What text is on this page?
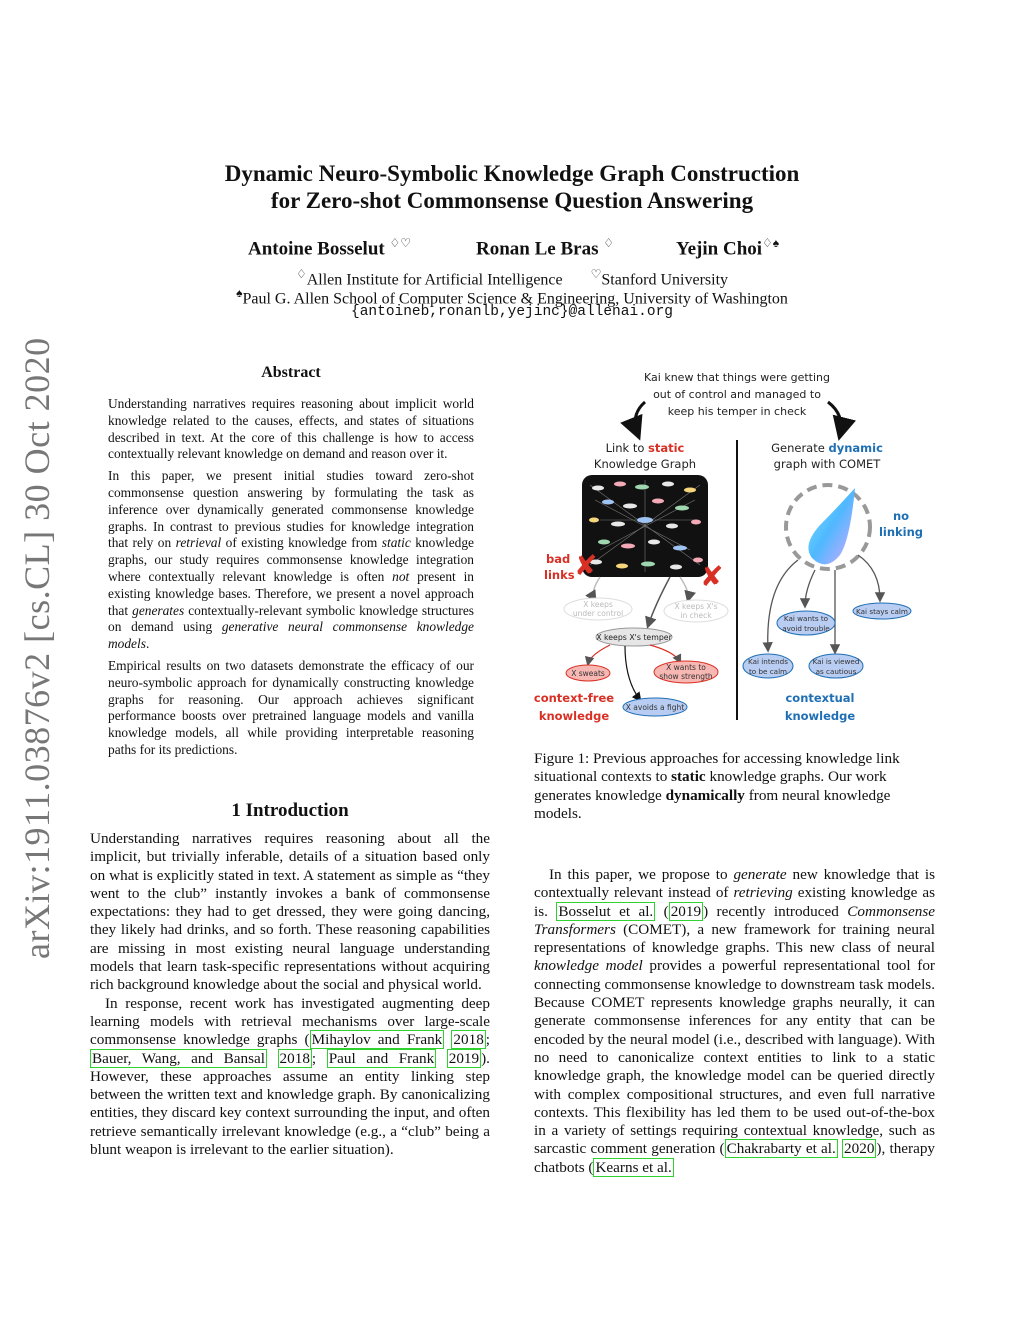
Dynamic Neuro-Symbolic Knowledge Graph Construction
for Zero-shot Commonsense Question Answering
Antoine Bosselut ♢♡	Ronan Le Bras ♢	Yejin Choi♢♠
♢Allen Institute for Artificial Intelligence ♡Stanford University
♠Paul G. Allen School of Computer Science & Engineering, University of Washington
{antoineb,ronanlb,yejinc}@allenai.org
arXiv:1911.03876v2 [cs.CL] 30 Oct 2020	Abstract

Understanding narratives requires reasoning about implicit world knowledge related to the causes, effects, and states of situations described in text. At the core of this challenge is how to access contextually relevant knowledge on demand and reason over it.

In this paper, we present initial studies toward zero-shot commonsense question answering by formulating the task as inference over dynamically generated commonsense knowledge graphs. In contrast to previous studies for knowledge integration that rely on retrieval of existing knowledge from static knowledge graphs, our study requires commonsense knowledge integration where contextually relevant knowledge is often not present in existing knowledge bases. Therefore, we present a novel approach that generates contextually-relevant symbolic knowledge structures on demand using generative neural commonsense knowledge models.

Empirical results on two datasets demonstrate the efficacy of our neuro-symbolic approach for dynamically constructing knowledge graphs for reasoning. Our approach achieves significant performance boosts over pretrained language models and vanilla knowledge models, all while providing interpretable reasoning paths for its predictions.

1 Introduction

Understanding narratives requires reasoning about all the implicit, but trivially inferable, details of a situation based only on what is explicitly stated in text. A statement as simple as “they went to the club” instantly invokes a bank of commonsense expectations: they had to get dressed, they were going dancing, they likely had drinks, and so forth. These reasoning capabilities are missing in most existing neural language understanding models that learn task-specific representations without acquiring rich background knowledge about the social and physical world.

In response, recent work has investigated augmenting deep learning models with retrieval mechanisms over large-scale commonsense knowledge graphs ( Mihaylov and Frank 2018 ; Bauer, Wang, and Bansal 2018 ; Paul and Frank 2019 ). However, these approaches assume an entity linking step between the written text and knowledge graph. By canonicalizing entities, they discard key context surrounding the input, and often retrieve semantically irrelevant knowledge (e.g., a “club” being a blunt weapon is irrelevant to the earlier situation).

Kai knew that things were getting
out of control and managed to
keep his temper in check
Link to static
Knowledge Graph
Generate dynamic
graph with COMET
bad
links ✘	✘
X keeps
under control
X keeps X's
in check
X keeps X's temper
X sweats
X wants to
show strength
X avoids a fight
context-free
knowledge
no
linking
Kai stays calm
Kai wants to
avoid trouble
Kai intends
to be calm
Kai is viewed
as cautious
contextual
knowledge
Figure 1: Previous approaches for accessing knowledge link situational contexts to static knowledge graphs. Our work generates knowledge dynamically from neural knowledge models.

In this paper, we propose to generate new knowledge that is contextually relevant instead of retrieving existing knowledge as is. Bosselut et al. ( 2019 ) recently introduced Commonsense Transformers (COMET), a new framework for training neural representations of knowledge graphs. This new class of neural knowledge model provides a powerful representational tool for connecting commonsense knowledge to downstream task models. Because COMET represents knowledge graphs neurally, it can generate commonsense inferences for any entity that can be encoded by the neural model (i.e., described with language). With no need to canonicalize context entities to link to a static knowledge graph, the knowledge model can be queried directly with complex compositional structures, and even full narrative contexts. This flexibility has led them to be used out-of-the-box in a variety of settings requiring contextual knowledge, such as sarcastic comment generation ( Chakrabarty et al. 2020 ), therapy chatbots ( Kearns et al.
